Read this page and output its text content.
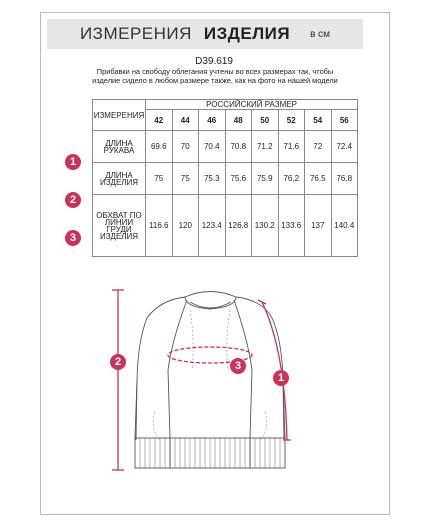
ИЗМЕРЕНИЯ ИЗДЕЛИЯ в см
D39.619
Прибавки на свободу облегания учтены во всех размерах так, чтобы изделие сидело в любом размере также, как на фото на нашей модели
ИЗМЕРЕНИЯ	РОССИЙСКИЙ РАЗМЕР							
	42	44	46	48	50	52	54	56
ДЛИНА РУКАВА	69.6	70	70.4	70.8	71.2	71.6	72	72.4
ДЛИНА ИЗДЕЛИЯ	75	75	75.3	75.6	75.9	76.2	76.5	76.8
ОБХВАТ ПО ЛИНИИ ГРУДИ ИЗДЕЛИЯ	116.6	120	123.4	126.8	130.2	133.6	137	140.4
1
2
3
2	3
1
